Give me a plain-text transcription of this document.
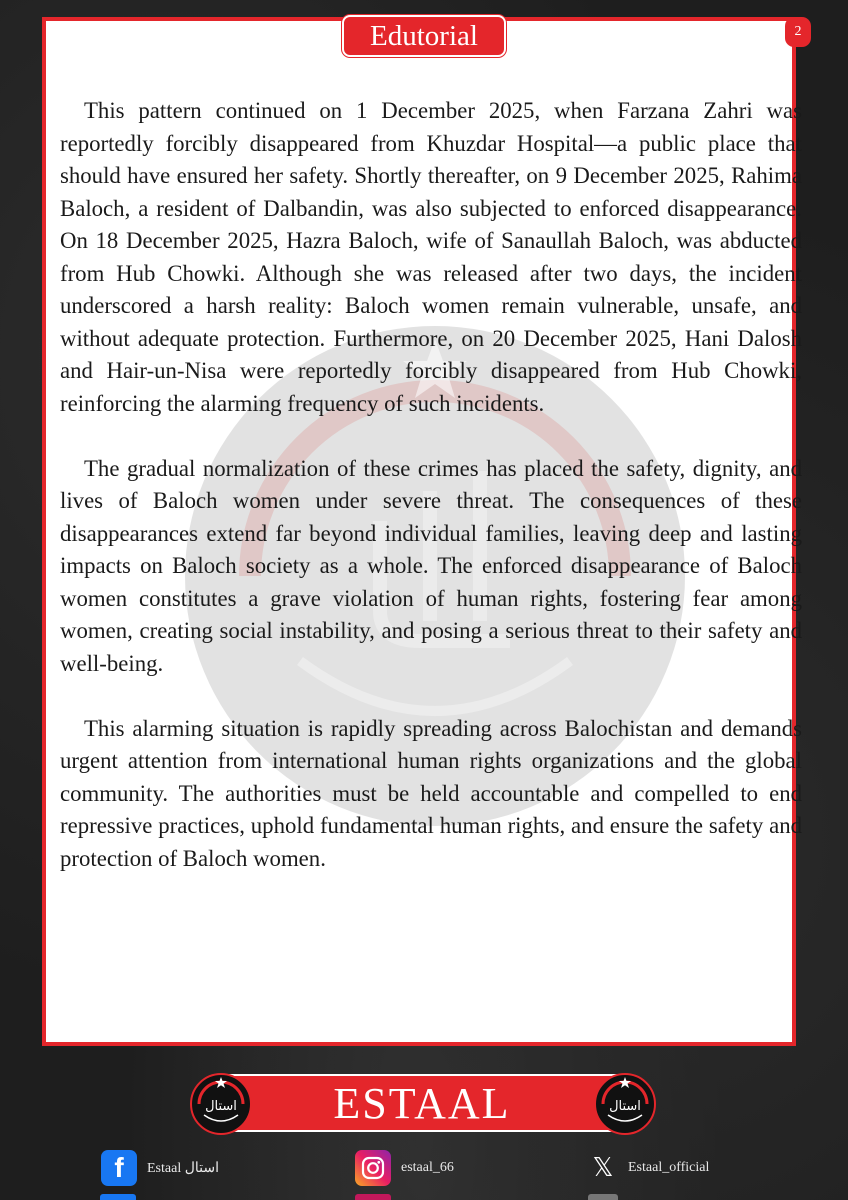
Edutorial	2

This pattern continued on 1 December 2025, when Farzana Zahri was reportedly forcibly disappeared from Khuzdar Hospital—a public place that should have ensured her safety. Shortly thereafter, on 9 December 2025, Rahima Baloch, a resident of Dalbandin, was also subjected to enforced disappearance. On 18 December 2025, Hazra Baloch, wife of Sanaullah Baloch, was abducted from Hub Chowki. Although she was released after two days, the incident underscored a harsh reality: Baloch women remain vulnerable, unsafe, and without adequate protection. Furthermore, on 20 December 2025, Hani Dalosh and Hair-un-Nisa were reportedly forcibly disappeared from Hub Chowki, reinforcing the alarming frequency of such incidents.

The gradual normalization of these crimes has placed the safety, dignity, and lives of Baloch women under severe threat. The consequences of these disappearances extend far beyond individual families, leaving deep and lasting impacts on Baloch society as a whole. The enforced disappearance of Baloch women constitutes a grave violation of human rights, fostering fear among women, creating social instability, and posing a serious threat to their safety and well-being.

This alarming situation is rapidly spreading across Balochistan and demands urgent attention from international human rights organizations and the global community. The authorities must be held accountable and compelled to end repressive practices, uphold fundamental human rights, and ensure the safety and protection of Baloch women.

استال	ESTAAL	استال
f	Estaal استال	estaal_66	𝕏	Estaal_official
